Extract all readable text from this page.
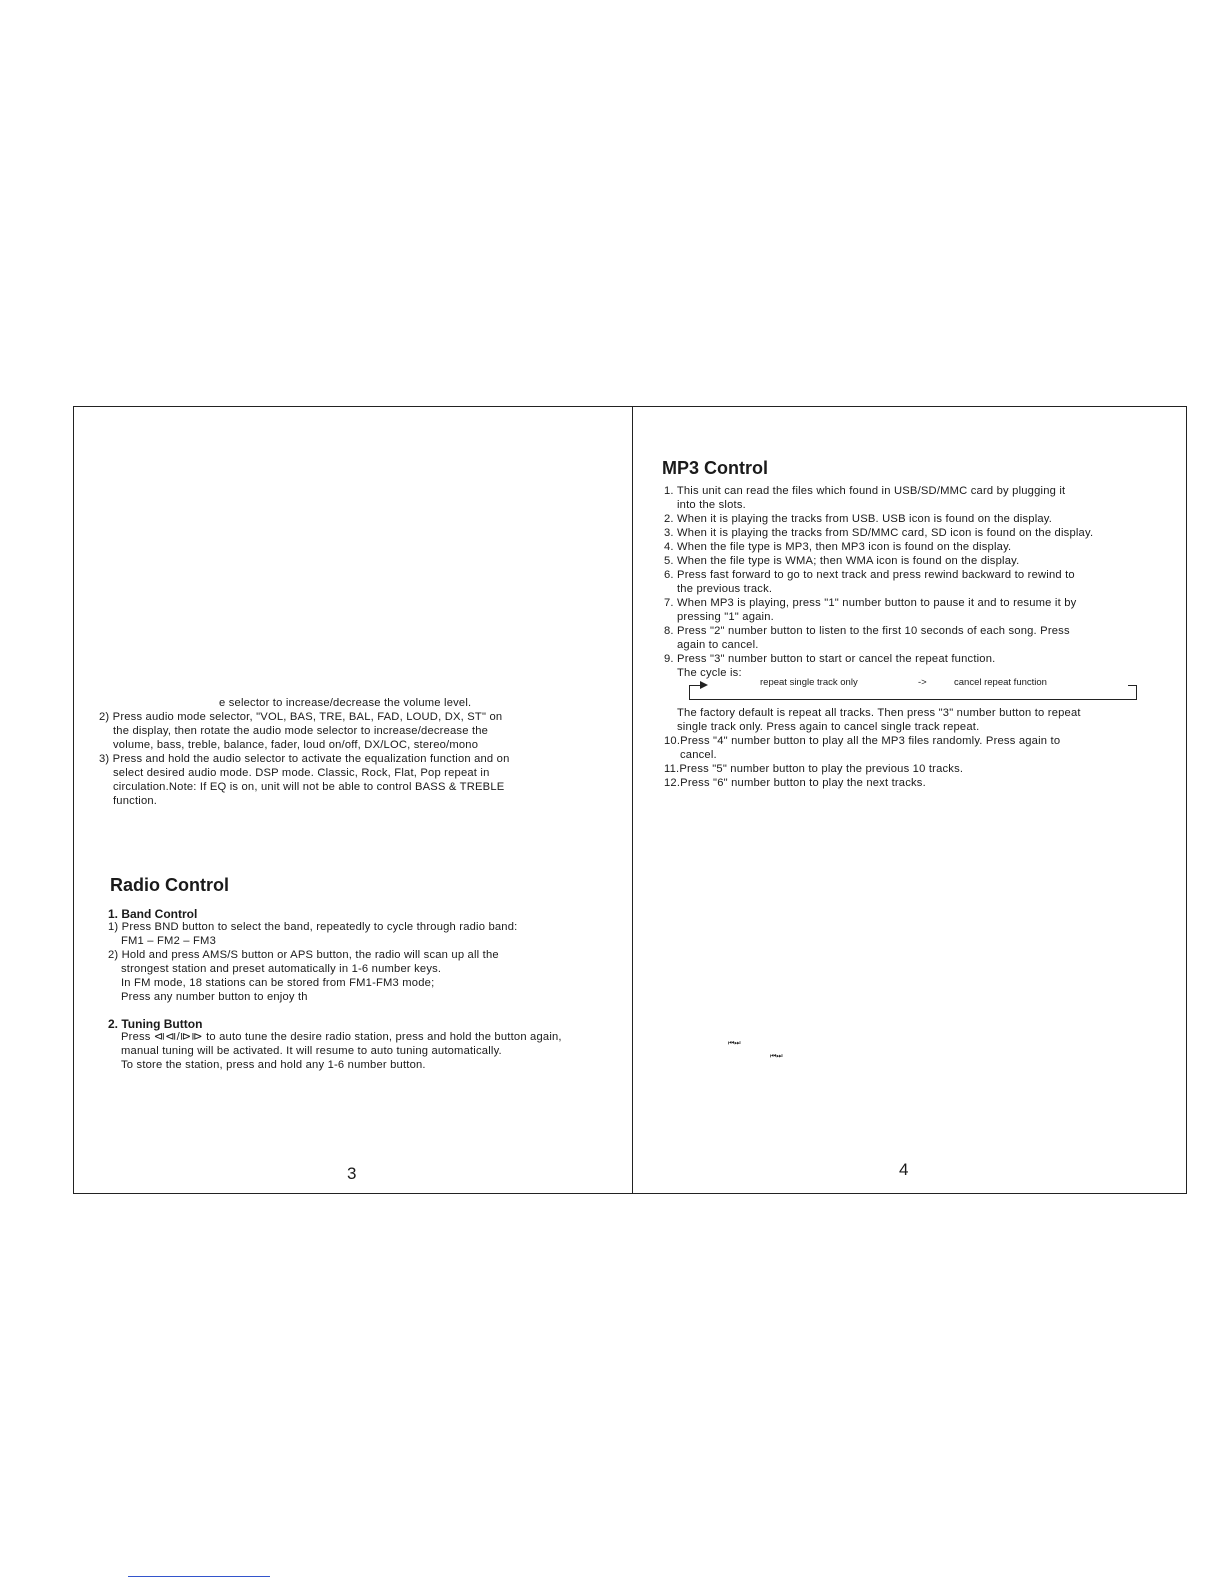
e selector to increase/decrease the volume level.

2) Press audio mode selector, "VOL, BAS, TRE, BAL, FAD, LOUD, DX, ST" on

the display, then rotate the audio mode selector to increase/decrease the

volume, bass, treble, balance, fader, loud on/off, DX/LOC, stereo/mono

3) Press and hold the audio selector to activate the equalization function and on

select desired audio mode. DSP mode. Classic, Rock, Flat, Pop repeat in

circulation.Note: If EQ is on, unit will not be able to control BASS & TREBLE

function.

Radio Control
1. Band Control

1) Press BND button to select the band, repeatedly to cycle through radio band:

FM1 – FM2 – FM3

2) Hold and press AMS/S button or APS button, the radio will scan up all the

strongest station and preset automatically in 1-6 number keys.

In FM mode, 18 stations can be stored from FM1-FM3 mode;

Press any number button to enjoy th

2. Tuning Button

Press ⧏⧏/⧐⧐ to auto tune the desire radio station, press and hold the button again,

manual tuning will be activated. It will resume to auto tuning automatically.

To store the station, press and hold any 1-6 number button.

3

MP3 Control

1. This unit can read the files which found in USB/SD/MMC card by plugging it

into the slots.

2. When it is playing the tracks from USB. USB icon is found on the display.

3. When it is playing the tracks from SD/MMC card, SD icon is found on the display.

4. When the file type is MP3, then MP3 icon is found on the display.

5. When the file type is WMA; then WMA icon is found on the display.

6. Press fast forward to go to next track and press rewind backward to rewind to

the previous track.

7. When MP3 is playing, press "1" number button to pause it and to resume it by

pressing "1" again.

8. Press "2" number button to listen to the first 10 seconds of each song. Press

again to cancel.

9. Press "3" number button to start or cancel the repeat function.

The cycle is:

repeat single track only	->	cancel repeat function

The factory default is repeat all tracks. Then press "3" number button to repeat

single track only. Press again to cancel single track repeat.

10.Press "4" number button to play all the MP3 files randomly. Press again to

cancel.

11.Press "5" number button to play the previous 10 tracks.

12.Press "6" number button to play the next tracks.

⏮ ⏭
⏮ ⏭

4
